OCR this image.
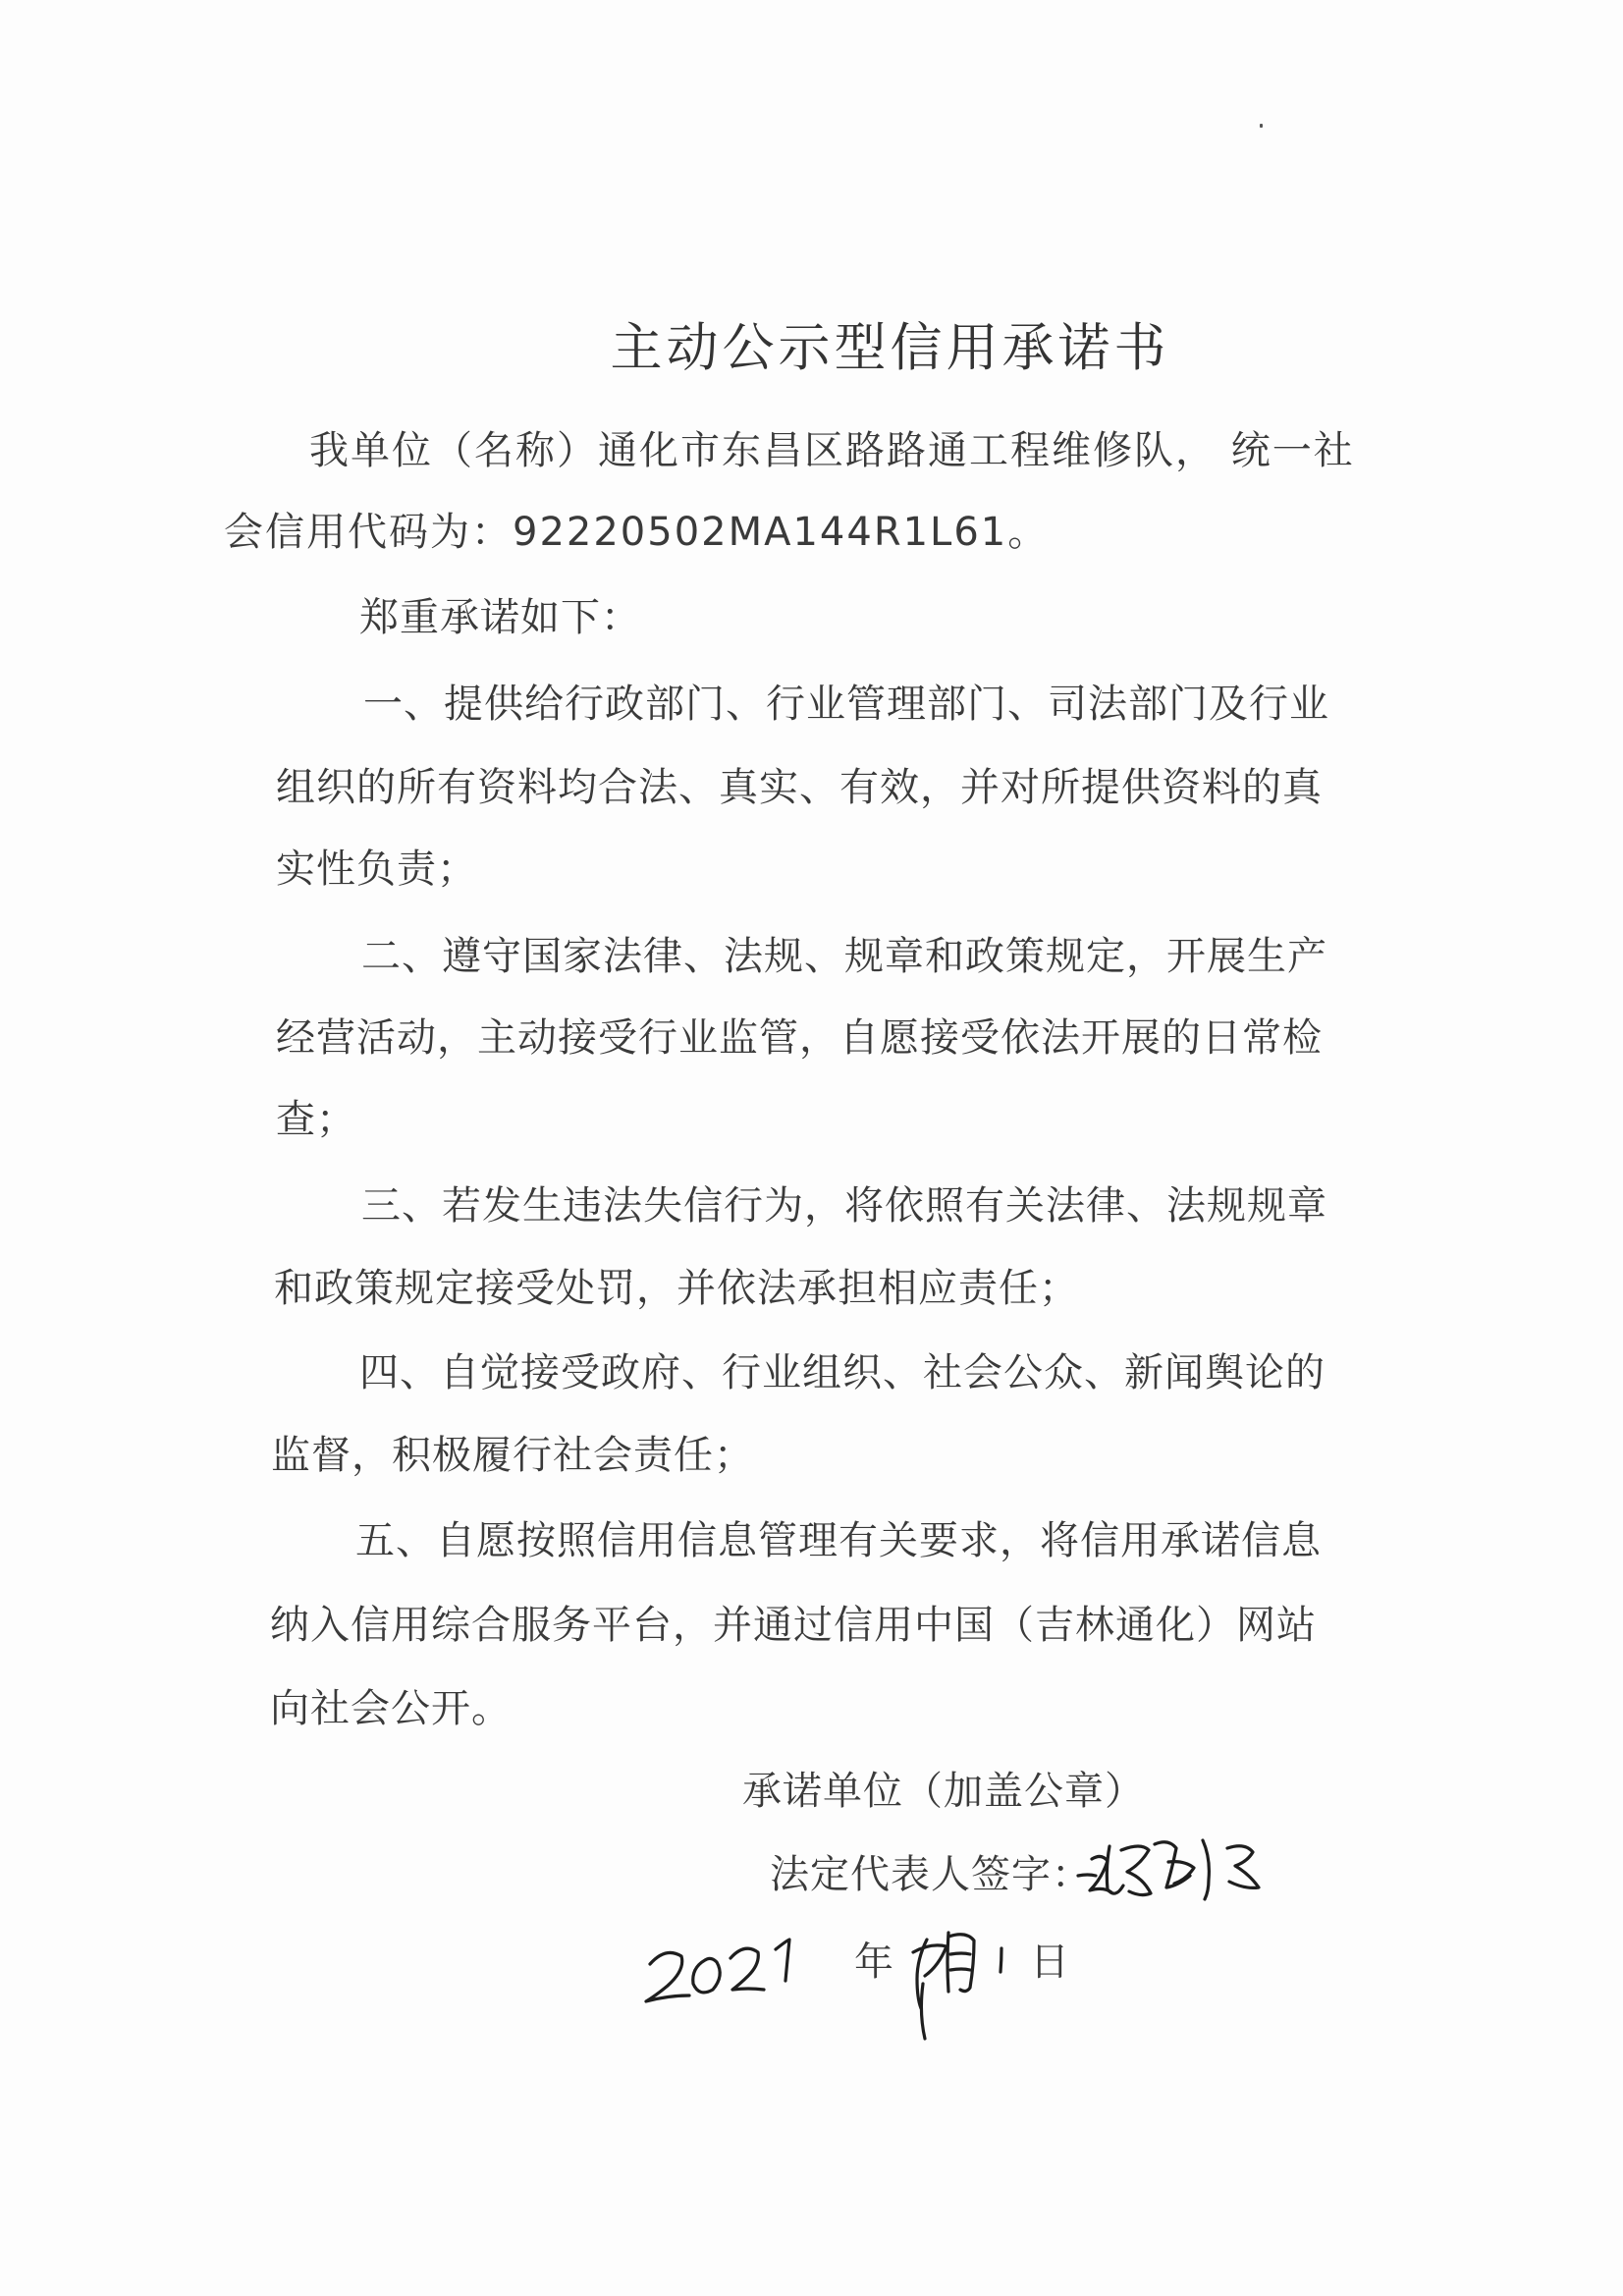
主动公示型信用承诺书
我单位（名称）通化市东昌区路路通工程维修队， 统一社
会信用代码为：92220502MA144R1L61。
郑重承诺如下：
一、提供给行政部门、行业管理部门、司法部门及行业
组织的所有资料均合法、真实、有效，并对所提供资料的真
实性负责；
二、遵守国家法律、法规、规章和政策规定，开展生产
经营活动，主动接受行业监管，自愿接受依法开展的日常检
查；
三、若发生违法失信行为，将依照有关法律、法规规章
和政策规定接受处罚，并依法承担相应责任；
四、自觉接受政府、行业组织、社会公众、新闻舆论的
监督，积极履行社会责任；
五、自愿按照信用信息管理有关要求，将信用承诺信息
纳入信用综合服务平台，并通过信用中国（吉林通化）网站
向社会公开。
承诺单位（加盖公章）
法定代表人签字：
年	日
